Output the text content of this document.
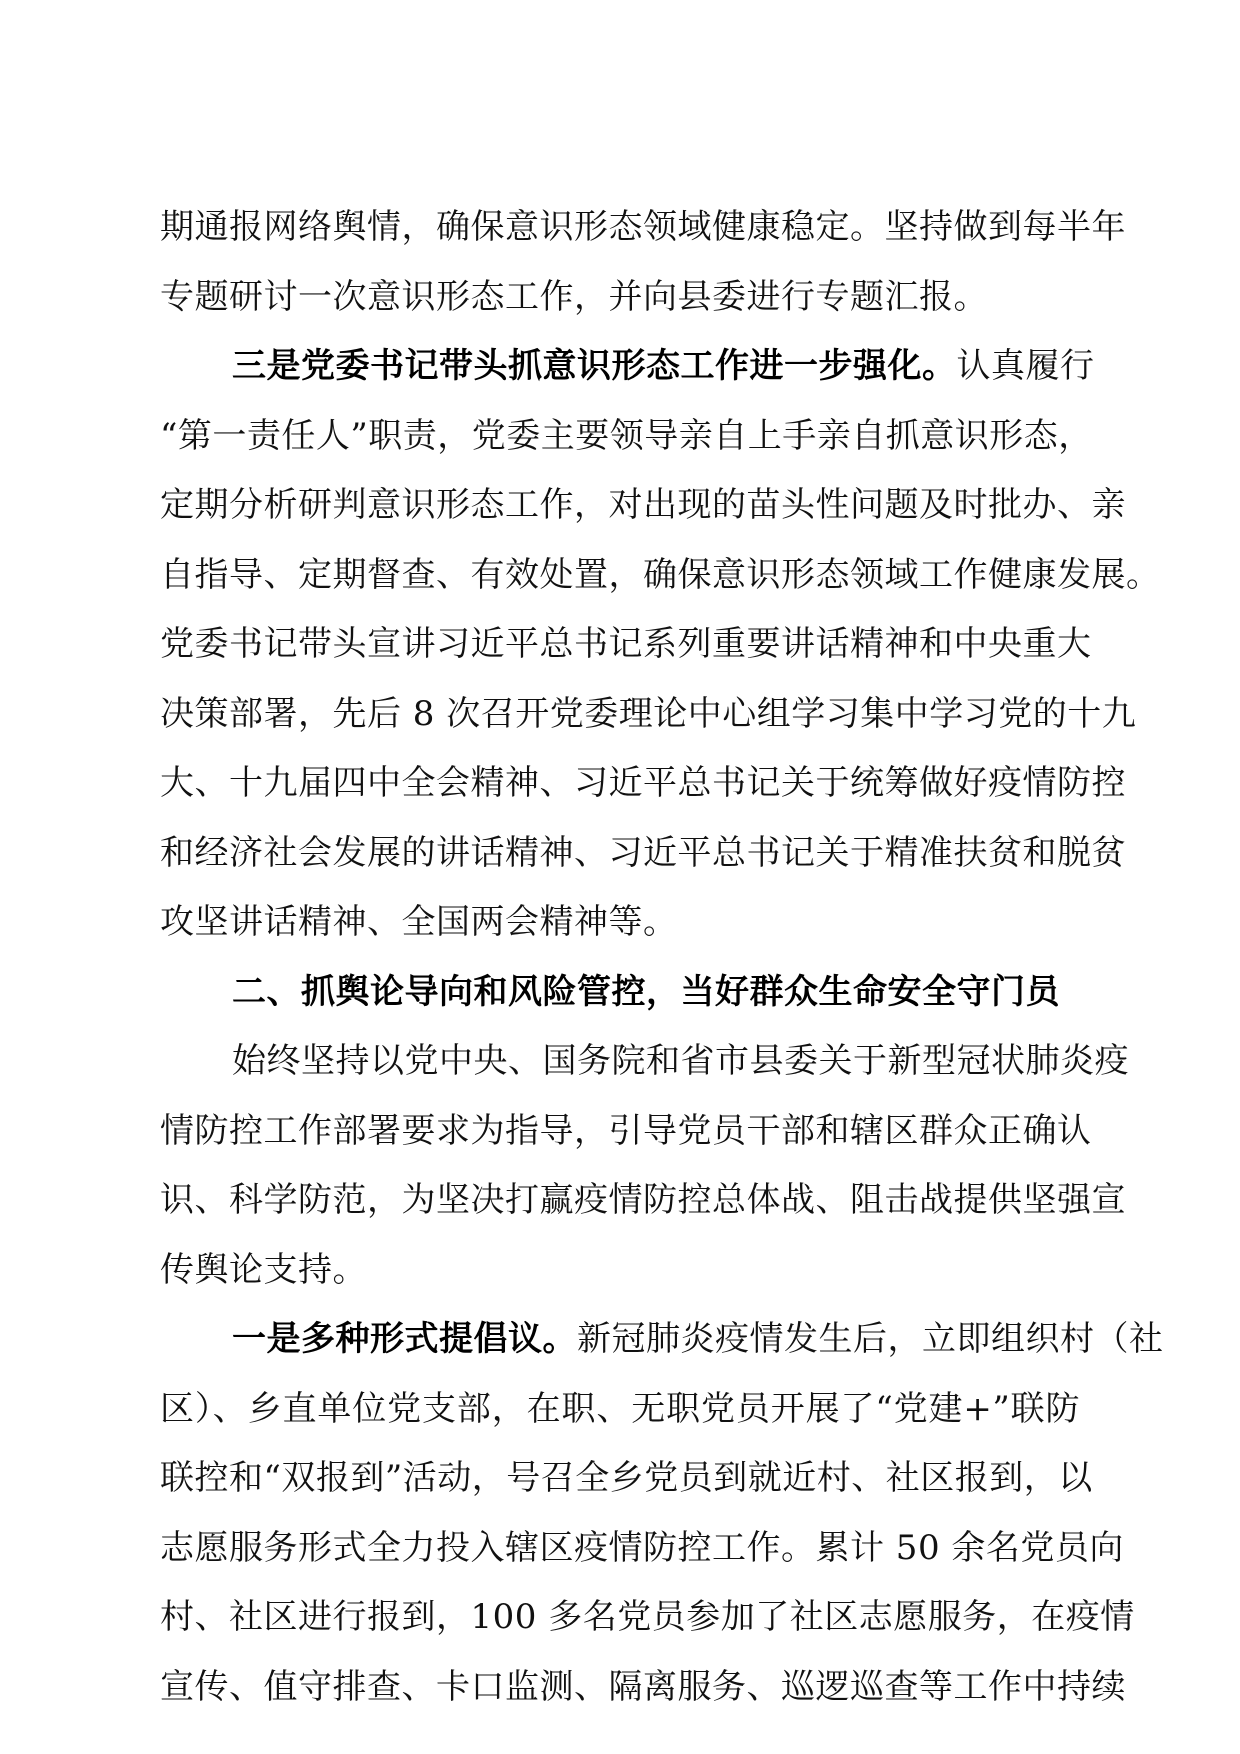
期通报网络舆情，确保意识形态领域健康稳定。坚持做到每半年
专题研讨一次意识形态工作，并向县委进行专题汇报。
三是党委书记带头抓意识形态工作进一步强化。认真履行
“第一责任人”职责，党委主要领导亲自上手亲自抓意识形态，
定期分析研判意识形态工作，对出现的苗头性问题及时批办、亲
自指导、定期督查、有效处置，确保意识形态领域工作健康发展。
党委书记带头宣讲习近平总书记系列重要讲话精神和中央重大
决策部署，先后 8 次召开党委理论中心组学习集中学习党的十九
大、十九届四中全会精神、习近平总书记关于统筹做好疫情防控
和经济社会发展的讲话精神、习近平总书记关于精准扶贫和脱贫
攻坚讲话精神、全国两会精神等。
二、抓舆论导向和风险管控，当好群众生命安全守门员
始终坚持以党中央、国务院和省市县委关于新型冠状肺炎疫
情防控工作部署要求为指导，引导党员干部和辖区群众正确认
识、科学防范，为坚决打赢疫情防控总体战、阻击战提供坚强宣
传舆论支持。
一是多种形式提倡议。新冠肺炎疫情发生后，立即组织村（社
区）、乡直单位党支部，在职、无职党员开展了“党建+”联防
联控和“双报到”活动，号召全乡党员到就近村、社区报到，以
志愿服务形式全力投入辖区疫情防控工作。累计 50 余名党员向
村、社区进行报到，100 多名党员参加了社区志愿服务，在疫情
宣传、值守排查、卡口监测、隔离服务、巡逻巡查等工作中持续
